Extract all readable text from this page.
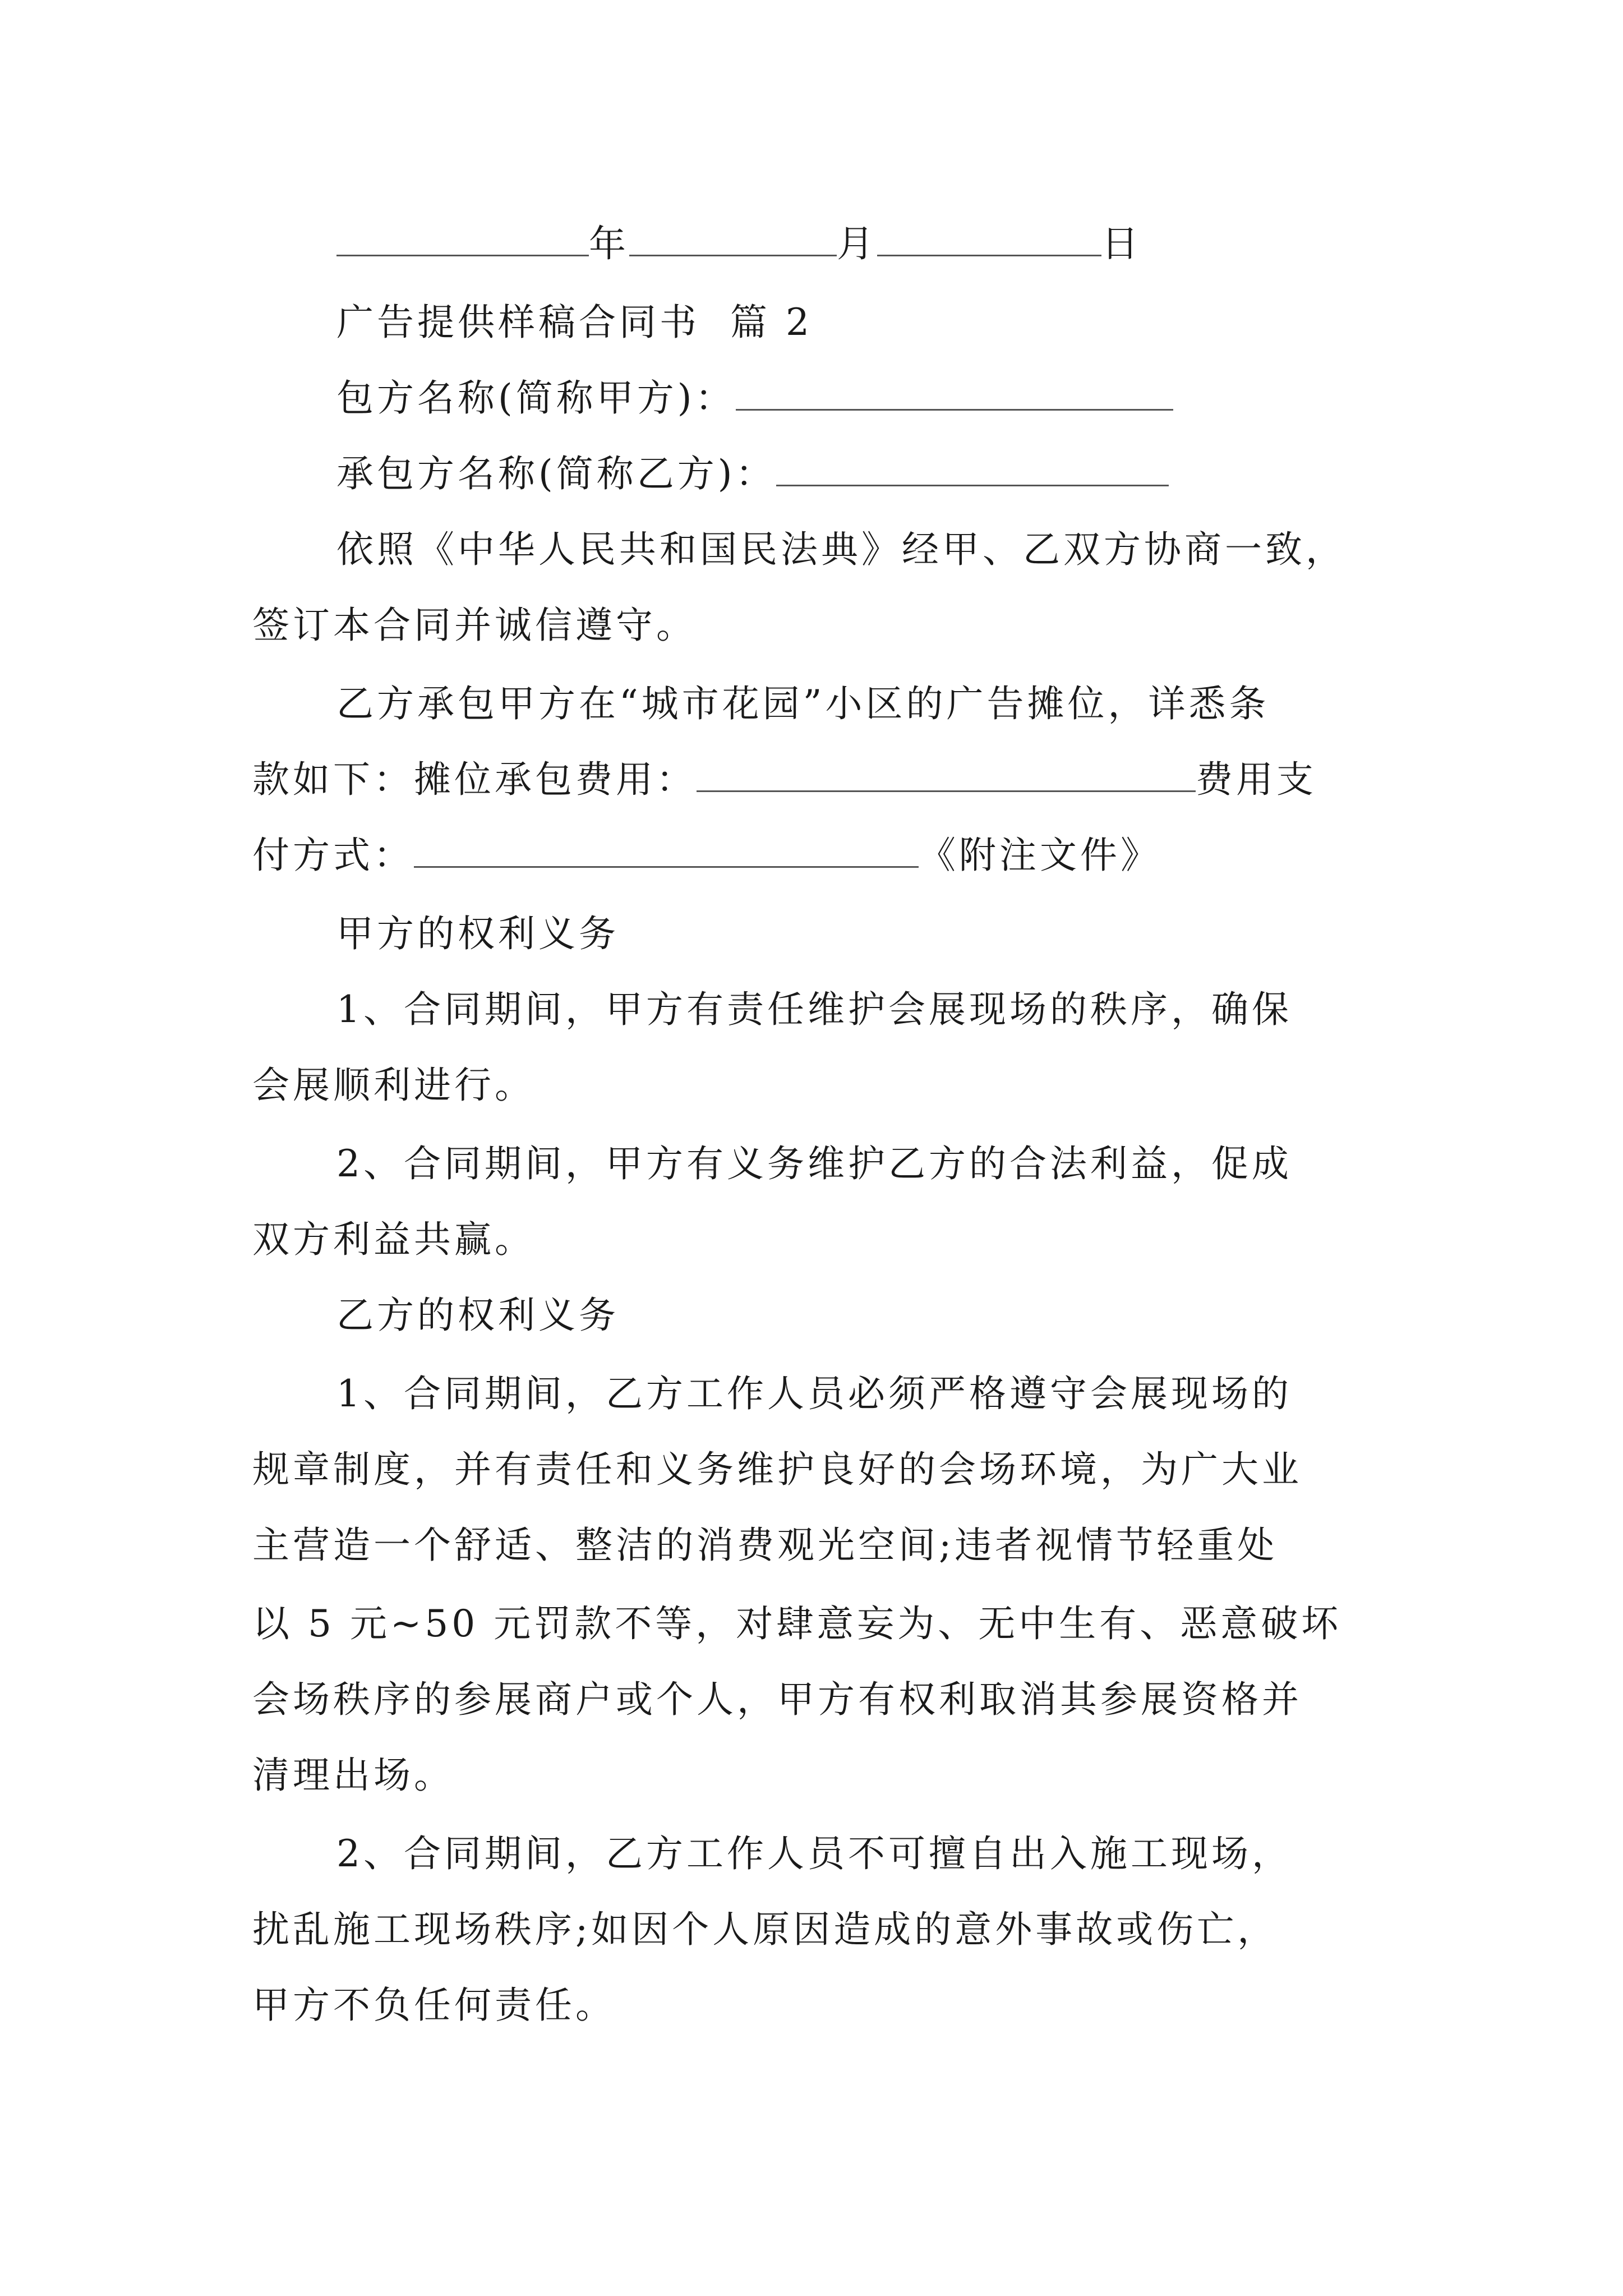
年	月	日
广告提供样稿合同书 篇 2
包方名称(简称甲方)：
承包方名称(简称乙方)：
依照《中华人民共和国民法典》经甲、乙双方协商一致，
签订本合同并诚信遵守。
乙方承包甲方在“城市花园”小区的广告摊位，详悉条
款如下：摊位承包费用：	费用支
付方式：	《附注文件》
甲方的权利义务
1、合同期间，甲方有责任维护会展现场的秩序，确保
会展顺利进行。
2、合同期间，甲方有义务维护乙方的合法利益，促成
双方利益共赢。
乙方的权利义务
1、合同期间，乙方工作人员必须严格遵守会展现场的
规章制度，并有责任和义务维护良好的会场环境，为广大业
主营造一个舒适、整洁的消费观光空间;违者视情节轻重处
以 5 元~50 元罚款不等，对肆意妄为、无中生有、恶意破坏
会场秩序的参展商户或个人，甲方有权利取消其参展资格并
清理出场。
2、合同期间，乙方工作人员不可擅自出入施工现场，
扰乱施工现场秩序;如因个人原因造成的意外事故或伤亡，
甲方不负任何责任。
